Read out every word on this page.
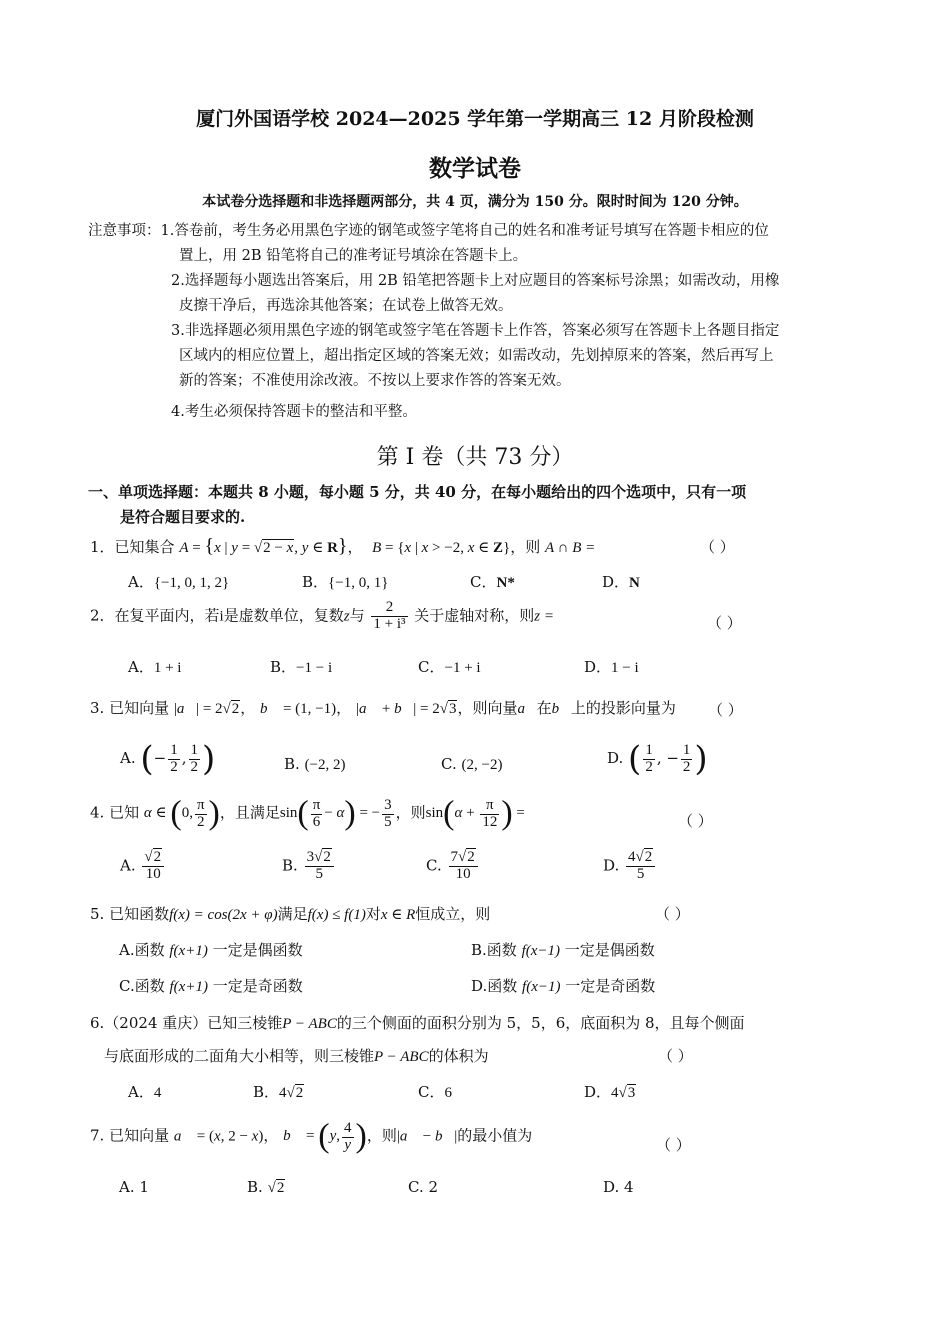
厦门外国语学校 2024—2025 学年第一学期高三 12 月阶段检测
数学试卷
本试卷分选择题和非选择题两部分，共 4 页，满分为 150 分。限时时间为 120 分钟。
注意事项：1.答卷前，考生务必用黑色字迹的钢笔或签字笔将自己的姓名和准考证号填写在答题卡相应的位
置上，用 2B 铅笔将自己的准考证号填涂在答题卡上。
2.选择题每小题选出答案后，用 2B 铅笔把答题卡上对应题目的答案标号涂黑；如需改动，用橡
皮擦干净后，再选涂其他答案；在试卷上做答无效。
3.非选择题必须用黑色字迹的钢笔或签字笔在答题卡上作答，答案必须写在答题卡上各题目指定
区域内的相应位置上，超出指定区域的答案无效；如需改动，先划掉原来的答案，然后再写上
新的答案；不准使用涂改液。不按以上要求作答的答案无效。
4.考生必须保持答题卡的整洁和平整。
第 I 卷（共 73 分）
一、单项选择题：本题共 8 小题，每小题 5 分，共 40 分，在每小题给出的四个选项中，只有一项
是符合题目要求的.
1．已知集合 A = {x | y = √2 − x, y ∈ R}， B = {x | x > −2, x ∈ Z}，则 A ∩ B =	（ ）
A．{−1, 0, 1, 2}	B．{−1, 0, 1}	C．N*	D．N
2．在复平面内，若i是虚数单位，复数z与 $\frac{2}{\text{1 + i³}}$ 关于虚轴对称，则z =	（ ）
A．1 + i	B．−1 − i	C．−1 + i	D．1 − i
3. 已知向量 |a⃗| = 2√2， b⃗ = (1, −1)， |a⃗ + b⃗| = 2√3，则向量a⃗在b⃗上的投影向量为 （ ）
A. (− $\frac{1}{2}$ , $\frac{1}{2}$ )	B. (−2, 2)	C. (2, −2)	D. ( $\frac{1}{2}$ , − $\frac{1}{2}$ )
4. 已知 α ∈ (0, $\frac{\pi}{2}$ )，且满足$\sin( \frac{\pi}{6} - \alpha)$ = − $\frac{3}{5}$ ，则$\sin(\alpha + \frac{\pi}{12}$ ) =	（ ）
A. $\frac{√2}{10}$	B. $\frac{3√2}{5}$	C. $\frac{7√2}{10}$	D. $\frac{4√2}{5}$
5. 已知函数f(x) = cos(2x + φ)满足f(x) ≤ f(1)对x ∈ R恒成立，则	（ ）
A.函数 f(x+1) 一定是偶函数	B.函数 f(x−1) 一定是偶函数
C.函数 f(x+1) 一定是奇函数	D.函数 f(x−1) 一定是奇函数
6.（2024 重庆）已知三棱锥P − ABC的三个侧面的面积分别为 5，5，6，底面积为 8，且每个侧面
与底面形成的二面角大小相等，则三棱锥P − ABC的体积为	（ ）
A．4	B．4√2	C．6	D．4√3
7. 已知向量 a⃗ = (x, 2 − x)， b⃗ = (y, $\frac{4}{y}$ )，则|a⃗ − b⃗|的最小值为
（ ）
A. 1	B. √2	C. 2	D. 4
